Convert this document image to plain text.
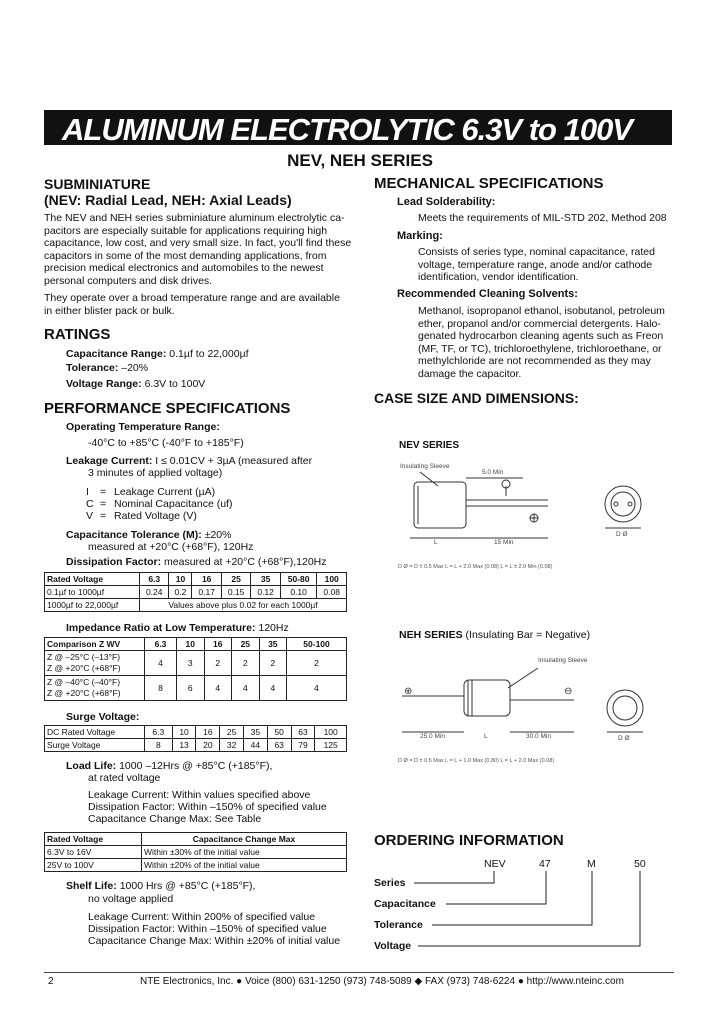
ALUMINUM ELECTROLYTIC 6.3V to 100V
NEV, NEH SERIES
SUBMINIATURE
(NEV: Radial Lead, NEH: Axial Leads)
The NEV and NEH series subminiature aluminum electrolytic ca-
pacitors are especially suitable for applications requiring high
capacitance, low cost, and very small size. In fact, you'll find these
capacitors in some of the most demanding applications, from
precision medical electronics and automobiles to the newest
personal computers and disk drives.
They operate over a broad temperature range and are available
in either blister pack or bulk.
RATINGS
Capacitance Range: 0.1µf to 22,000µf
Tolerance: –20%
Voltage Range: 6.3V to 100V
PERFORMANCE SPECIFICATIONS
Operating Temperature Range:
-40°C to +85°C (-40°F to +185°F)
Leakage Current: I ≤ 0.01CV + 3µA (measured after
3 minutes of applied voltage)
I = Leakage Current (µA)
C = Nominal Capacitance (uf)
V = Rated Voltage (V)
Capacitance Tolerance (M): ±20%
measured at +20°C (+68°F), 120Hz
Dissipation Factor: measured at +20°C (+68°F),120Hz
Rated Voltage	6.3	10	16	25	35	50-80	100
0.1µf to 1000µf	0.24	0.2	0.17	0.15	0.12	0.10	0.08
1000µf to 22,000µf	Values above plus 0.02 for each 1000µf						
Impedance Ratio at Low Temperature: 120Hz
Comparison Z WV	6.3	10	16	25	35	50-100

Z @ –25°C (–13°F)
Z @ +20°C (+68°F)	4	3	2	2	2	2

Z @ –40°C (–40°F)
Z @ +20°C (+68°F)	8	6	4	4	4	4
Surge Voltage:
DC Rated Voltage	6.3	10	16	25	35	50	63	100
Surge Voltage	8	13	20	32	44	63	79	125
Load Life: 1000 –12Hrs @ +85°C (+185°F),
at rated voltage
Leakage Current: Within values specified above
Dissipation Factor: Within –150% of specified value
Capacitance Change Max: See Table
Rated Voltage	Capacitance Change Max
6.3V to 16V	Within ±30% of the initial value
25V to 100V	Within ±20% of the initial value
Shelf Life: 1000 Hrs @ +85°C (+185°F),
no voltage applied
Leakage Current: Within 200% of specified value
Dissipation Factor: Within –150% of specified value
Capacitance Change Max: Within ±20% of initial value
MECHANICAL SPECIFICATIONS
Lead Solderability:
Meets the requirements of MIL-STD 202, Method 208
Marking:
Consists of series type, nominal capacitance, rated
voltage, temperature range, anode and/or cathode
identification, vendor identification.
Recommended Cleaning Solvents:
Methanol, isopropanol ethanol, isobutanol, petroleum
ether, propanol and/or commercial detergents. Halo-
genated hydrocarbon cleaning agents such as Freon
(MF, TF, or TC), trichloroethylene, trichloroethane, or
methylchloride are not recommended as they may
damage the capacitor.
CASE SIZE AND DIMENSIONS:
NEV SERIES
Insulating Sleeve
5.0 Min
L	15 Min
D Ø
D Ø = D ± 0.5 Max L = L + 2.0 Max (0.08) L = L ± 2.0 Min (0.08)
NEH SERIES (Insulating Bar = Negative)
Insulating Sleeve
⊕	⊖
25.0 Min	L	30.0 Min	D Ø
D Ø = D ± 0.5 Max L = L + 1.0 Max (0.80) L = L + 2.0 Max (0.08)
ORDERING INFORMATION
NEV	47	M	50
Series
Capacitance
Tolerance
Voltage
2	NTE Electronics, Inc. ● Voice (800) 631-1250 (973) 748-5089 ◆ FAX (973) 748-6224 ● http://www.nteinc.com
